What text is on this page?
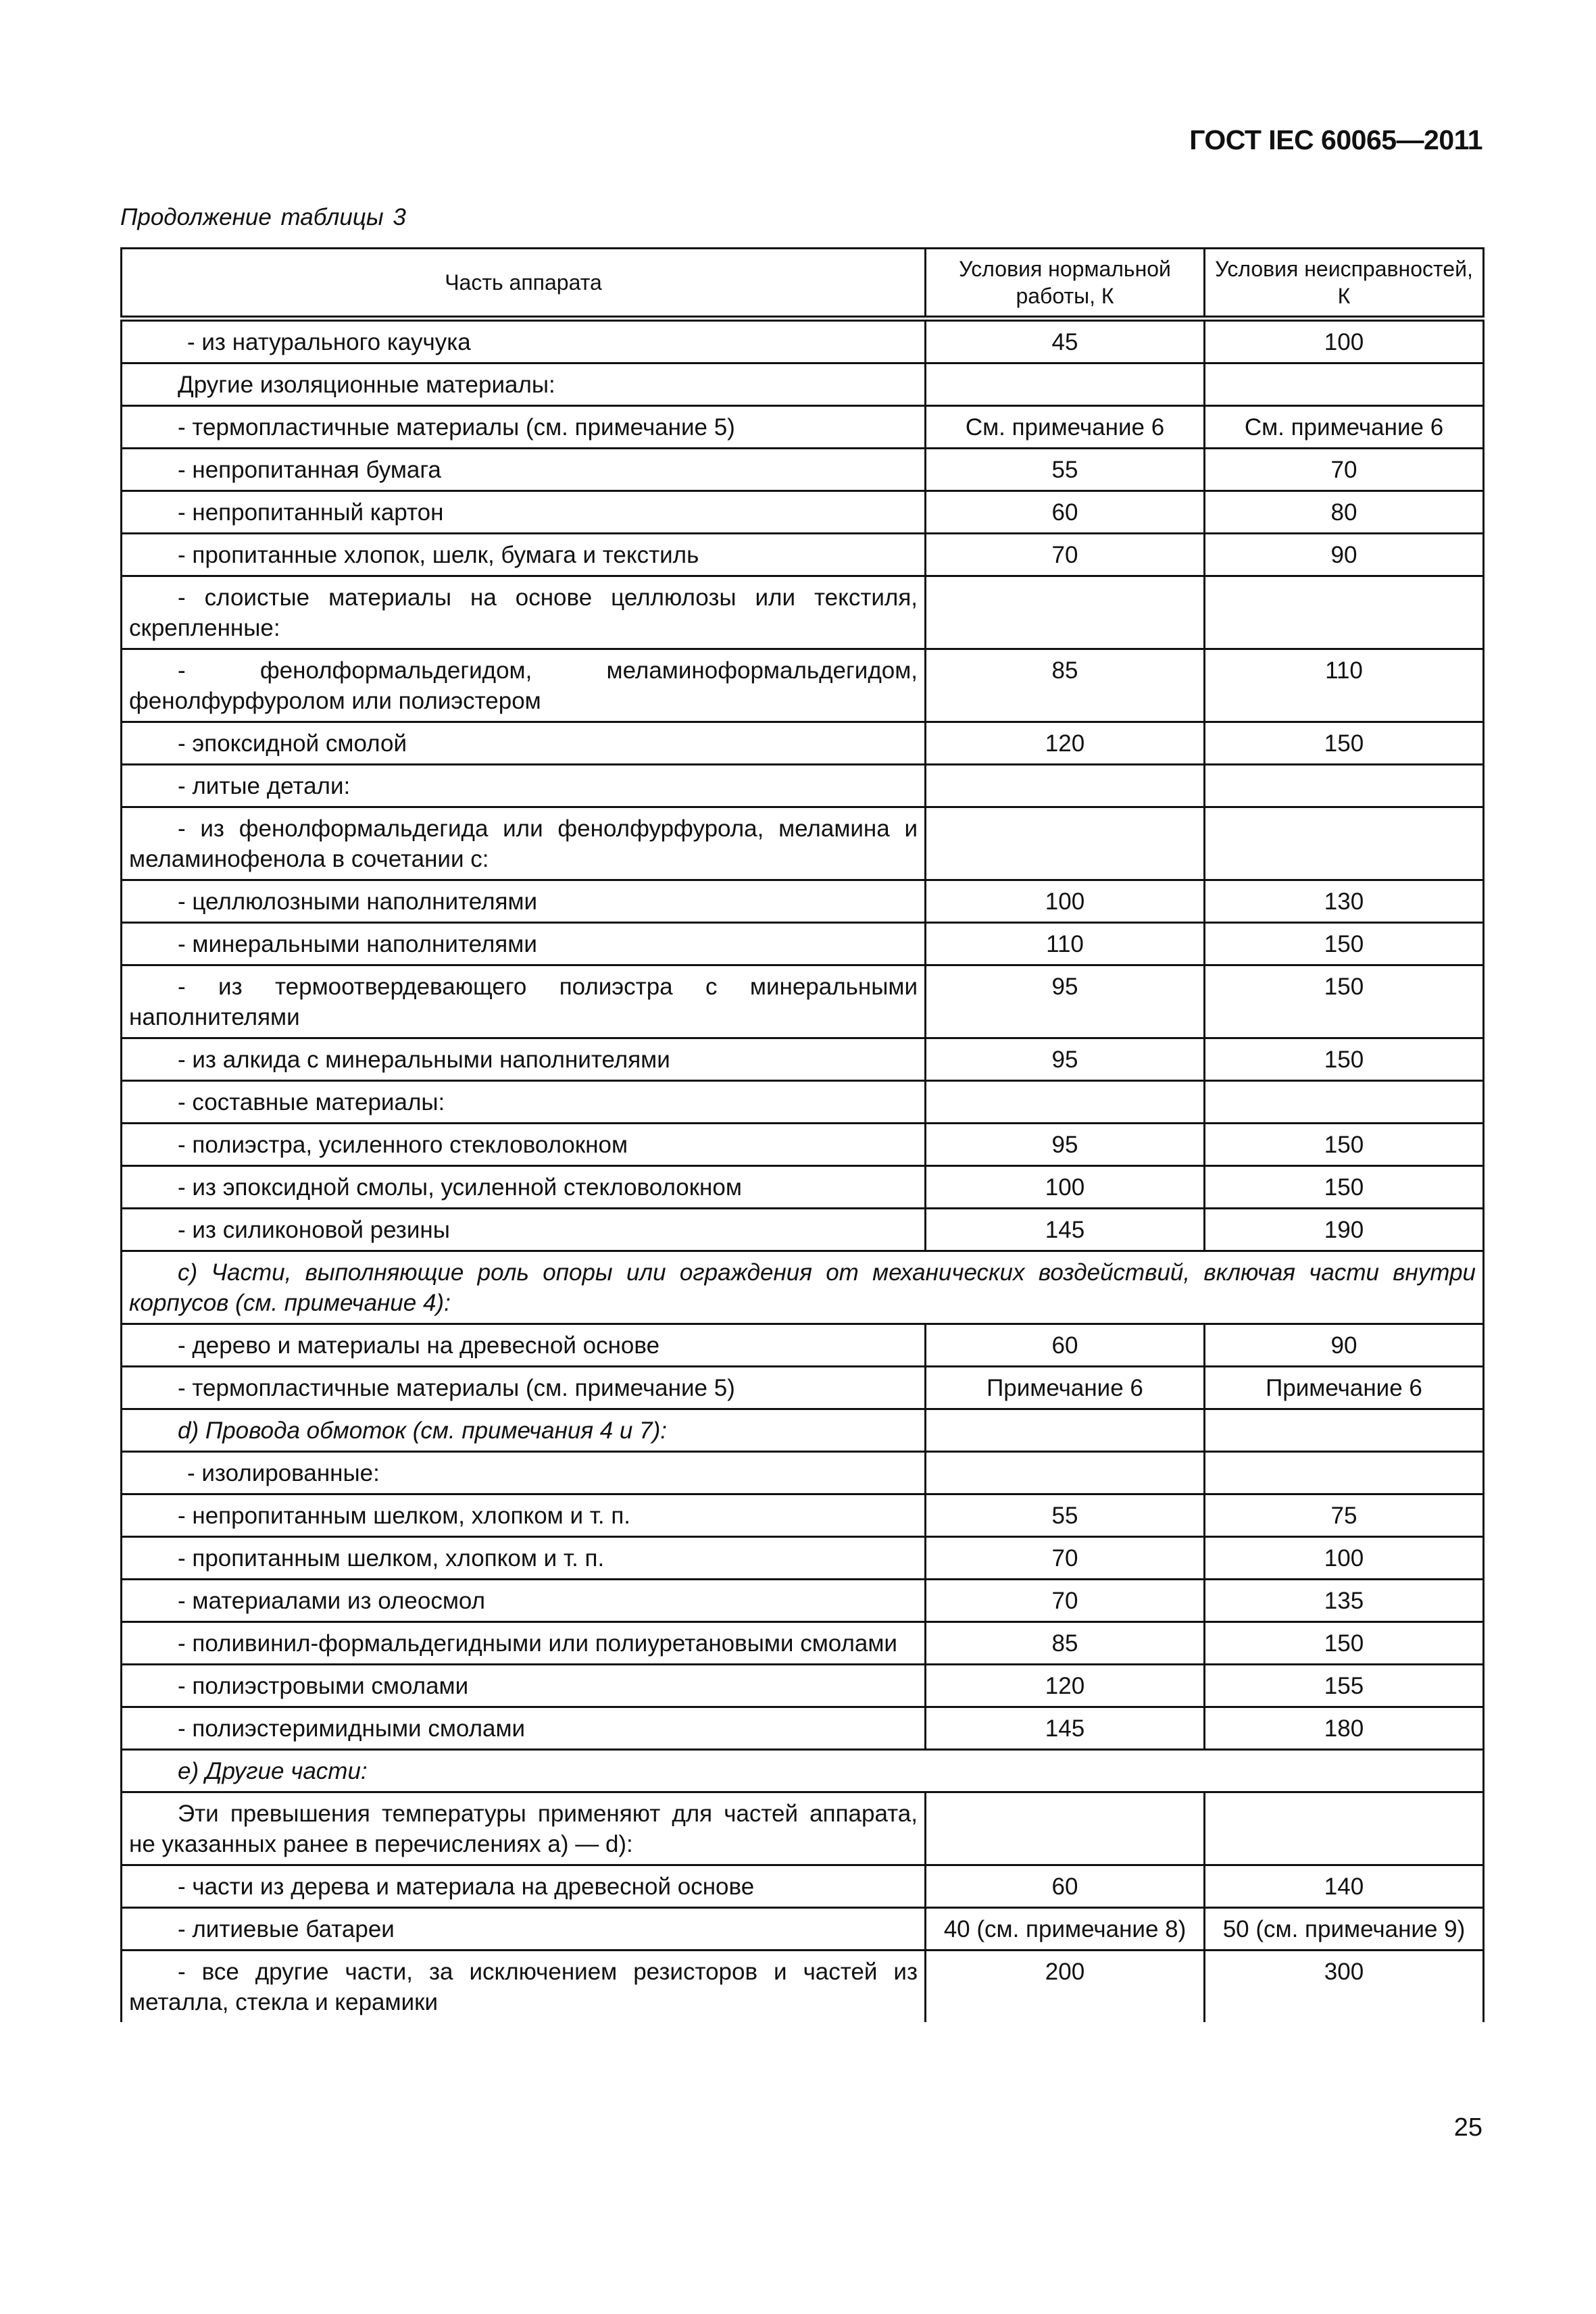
ГОСТ IEC 60065—2011
Продолжение таблицы 3
Часть аппарата	Условия нормальной работы, К	Условия неисправностей, К
- из натурального каучука	45	100
Другие изоляционные материалы:		
- термопластичные материалы (см. примечание 5)	См. примечание 6	См. примечание 6
- непропитанная бумага	55	70
- непропитанный картон	60	80
- пропитанные хлопок, шелк, бумага и текстиль	70	90
- слоистые материалы на основе целлюлозы или текстиля, скрепленные:		
- фенолформальдегидом, меламиноформальдегидом, фенолфурфуролом или полиэстером	85	110
- эпоксидной смолой	120	150
- литые детали:		
- из фенолформальдегида или фенолфурфурола, меламина и меламинофенола в сочетании с:		
- целлюлозными наполнителями	100	130
- минеральными наполнителями	110	150
- из термоотвердевающего полиэстра с минеральными наполнителями	95	150
- из алкида с минеральными наполнителями	95	150
- составные материалы:		
- полиэстра, усиленного стекловолокном	95	150
- из эпоксидной смолы, усиленной стекловолокном	100	150
- из силиконовой резины	145	190
с) Части, выполняющие роль опоры или ограждения от механических воздействий, включая части внутри корпусов (см. примечание 4):		
- дерево и материалы на древесной основе	60	90
- термопластичные материалы (см. примечание 5)	Примечание 6	Примечание 6
d) Провода обмоток (см. примечания 4 и 7):		
- изолированные:		
- непропитанным шелком, хлопком и т. п.	55	75
- пропитанным шелком, хлопком и т. п.	70	100
- материалами из олеосмол	70	135
- поливинил-формальдегидными или полиуретановыми смолами	85	150
- полиэстровыми смолами	120	155
- полиэстеримидными смолами	145	180
е) Другие части:		
Эти превышения температуры применяют для частей аппарата, не указанных ранее в перечислениях а) — d):		
- части из дерева и материала на древесной основе	60	140
- литиевые батареи	40 (см. примечание 8)	50 (см. примечание 9)
- все другие части, за исключением резисторов и частей из металла, стекла и керамики	200	300
25
